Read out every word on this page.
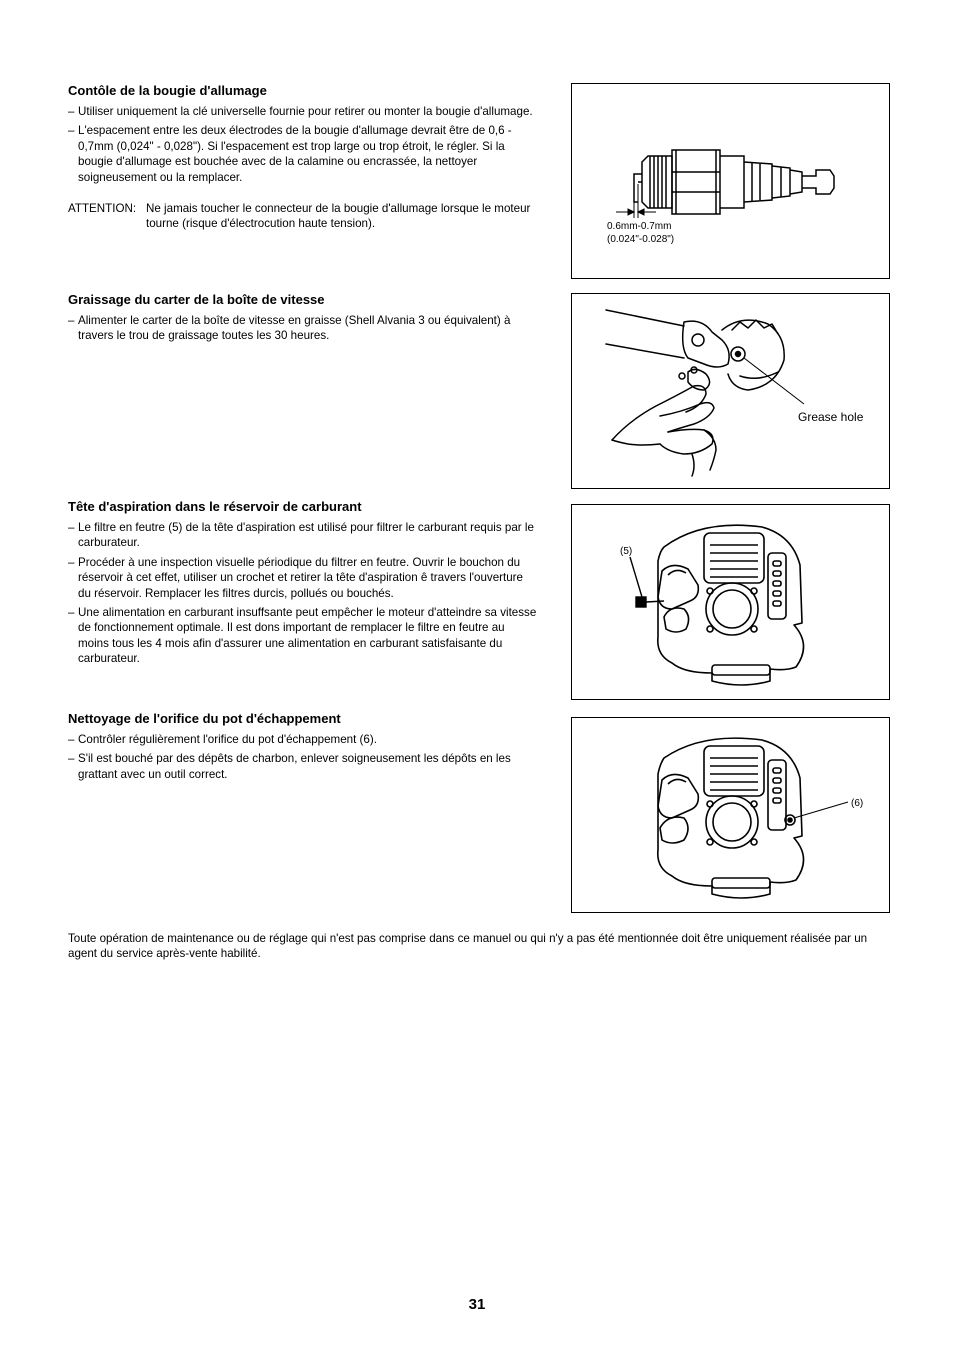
Contôle de la bougie d'allumage
– Utiliser uniquement la clé universelle fournie pour retirer ou monter la bougie d'allumage.
– L'espacement entre les deux électrodes de la bougie d'allumage devrait être de 0,6 - 0,7mm (0,024" - 0,028"). Si l'espacement est trop large ou trop étroit, le régler. Si la bougie d'allumage est bouchée avec de la calamine ou encrassée, la nettoyer soigneusement ou la remplacer.
ATTENTION: Ne jamais toucher le connecteur de la bougie d'allumage lorsque le moteur tourne (risque d'électrocution haute tension).
Graissage du carter de la boîte de vitesse
– Alimenter le carter de la boîte de vitesse en graisse (Shell Alvania 3 ou équivalent) à travers le trou de graissage toutes les 30 heures.
Tête d'aspiration dans le réservoir de carburant
– Le filtre en feutre (5) de la tête d'aspiration est utilisé pour filtrer le carburant requis par le carburateur.
– Procéder à une inspection visuelle périodique du filtrer en feutre. Ouvrir le bouchon du réservoir à cet effet, utiliser un crochet et retirer la tête d'aspiration ê travers l'ouverture du réservoir. Remplacer les filtres durcis, pollués ou bouchés.
– Une alimentation en carburant insuffsante peut empêcher le moteur d'atteindre sa vitesse de fonctionnement optimale. Il est dons important de remplacer le filtre en feutre au moins tous les 4 mois afin d'assurer une alimentation en carburant satisfaisante du carburateur.
Nettoyage de l'orifice du pot d'échappement
– Contrôler régulièrement l'orifice du pot d'échappement (6).
– S'il est bouché par des dépêts de charbon, enlever soigneusement les dépôts en les grattant avec un outil correct.
0.6mm-0.7mm
(0.024"-0.028")
Grease hole
(5)
(6)
Toute opération de maintenance ou de réglage qui n'est pas comprise dans ce manuel ou qui n'y a pas été mentionnée doit être uniquement réalisée par un agent du service après-vente habilité.
31
